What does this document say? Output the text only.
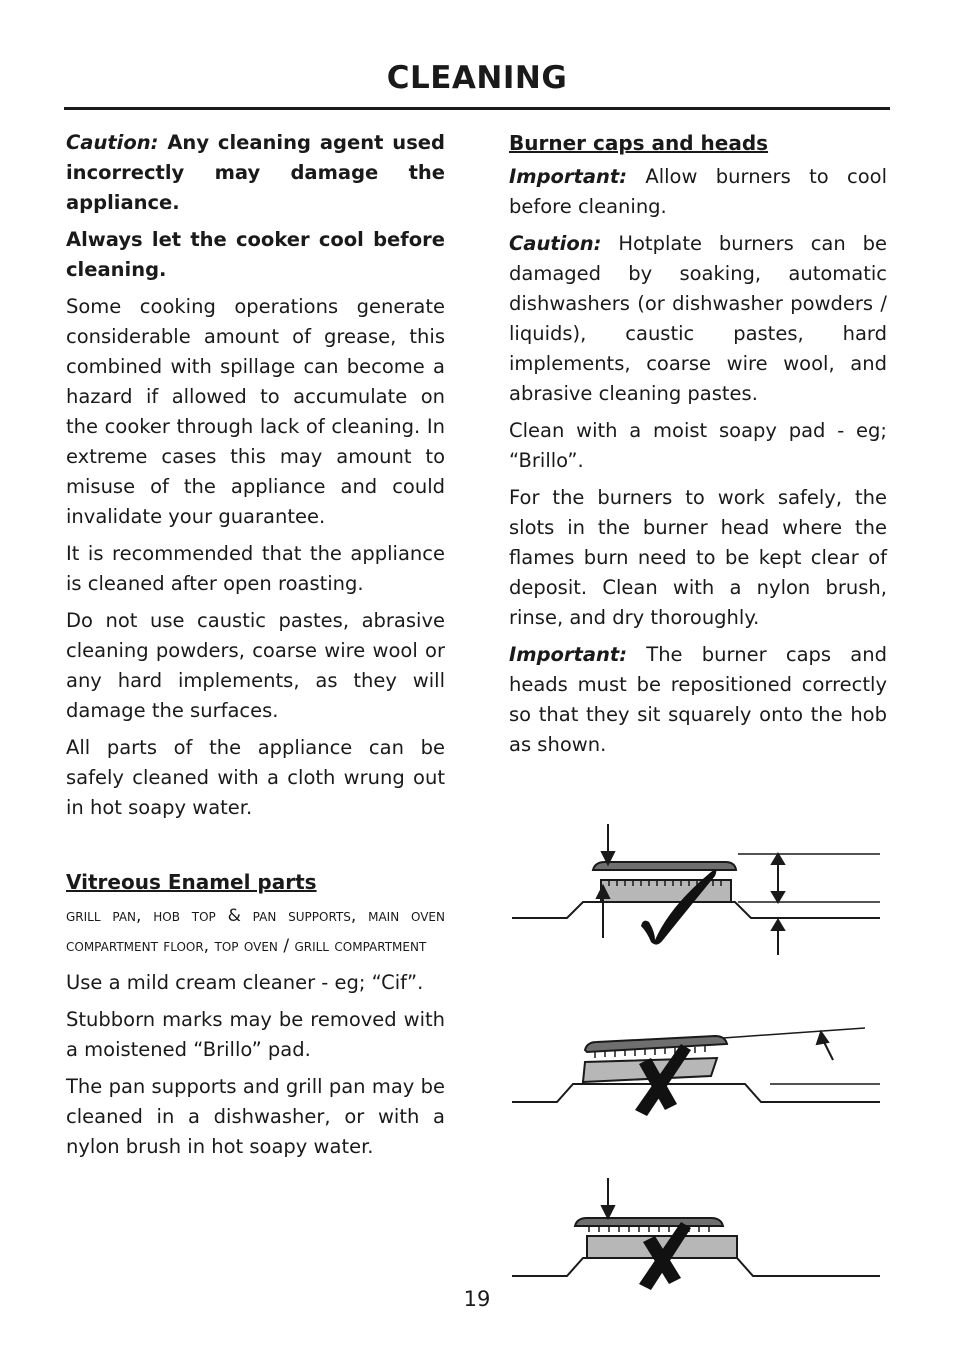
CLEANING

Caution: Any cleaning agent used incorrectly may damage the appliance.

Always let the cooker cool before cleaning.

Some cooking operations generate considerable amount of grease, this combined with spillage can become a hazard if allowed to accumulate on the cooker through lack of cleaning. In extreme cases this may amount to misuse of the appliance and could invalidate your guarantee.

It is recommended that the appliance is cleaned after open roasting.

Do not use caustic pastes, abrasive cleaning powders, coarse wire wool or any hard implements, as they will damage the surfaces.

All parts of the appliance can be safely cleaned with a cloth wrung out in hot soapy water.

Vitreous Enamel parts

grill pan, hob top & pan supports, main oven compartment floor, top oven / grill compartment

Use a mild cream cleaner - eg; “Cif”.

Stubborn marks may be removed with a moistened “Brillo” pad.

The pan supports and grill pan may be cleaned in a dishwasher, or with a nylon brush in hot soapy water.

Burner caps and heads

Important: Allow burners to cool before cleaning.

Caution: Hotplate burners can be damaged by soaking, automatic dishwashers (or dishwasher powders / liquids), caustic pastes, hard implements, coarse wire wool, and abrasive cleaning pastes.

Clean with a moist soapy pad - eg; “Brillo”.

For the burners to work safely, the slots in the burner head where the flames burn need to be kept clear of deposit. Clean with a nylon brush, rinse, and dry thoroughly.

Important: The burner caps and heads must be repositioned correctly so that they sit squarely onto the hob as shown.

19
